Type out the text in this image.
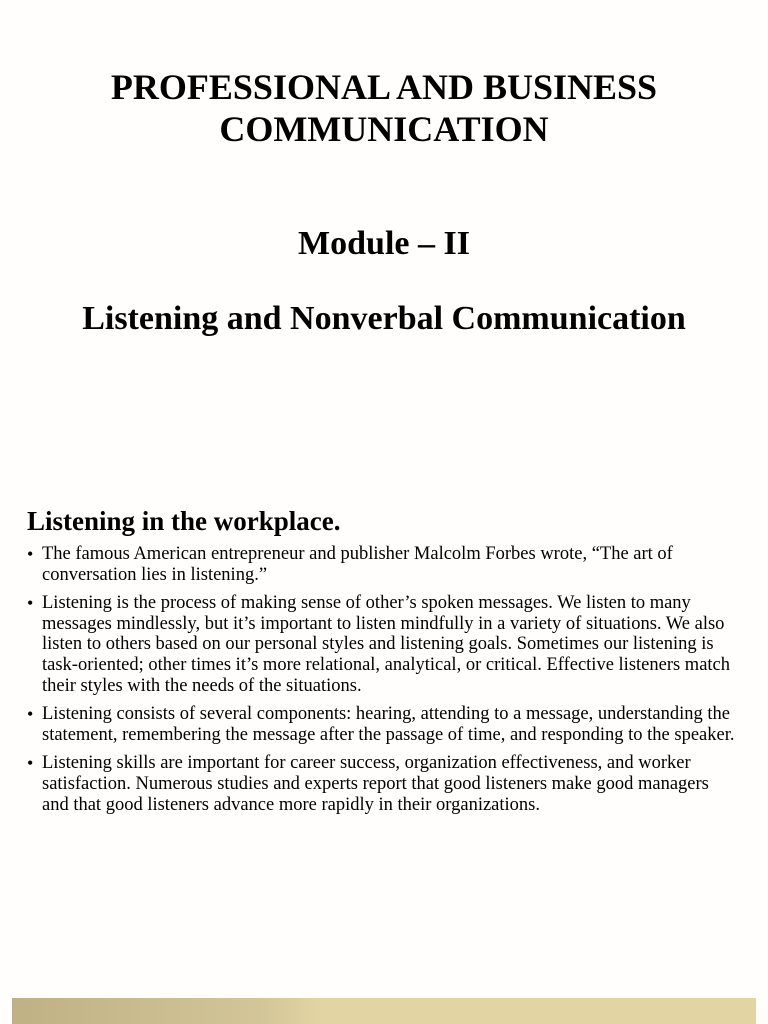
PROFESSIONAL AND BUSINESS
COMMUNICATION
Module – II
Listening and Nonverbal Communication
Listening in the workplace.
• The famous American entrepreneur and publisher Malcolm Forbes wrote, “The art of conversation lies in listening.”
• Listening is the process of making sense of other’s spoken messages. We listen to many messages mindlessly, but it’s important to listen mindfully in a variety of situations. We also listen to others based on our personal styles and listening goals. Sometimes our listening is task-oriented; other times it’s more relational, analytical, or critical. Effective listeners match their styles with the needs of the situations.
• Listening consists of several components: hearing, attending to a message, understanding the statement, remembering the message after the passage of time, and responding to the speaker.
• Listening skills are important for career success, organization effectiveness, and worker satisfaction. Numerous studies and experts report that good listeners make good managers and that good listeners advance more rapidly in their organizations.
